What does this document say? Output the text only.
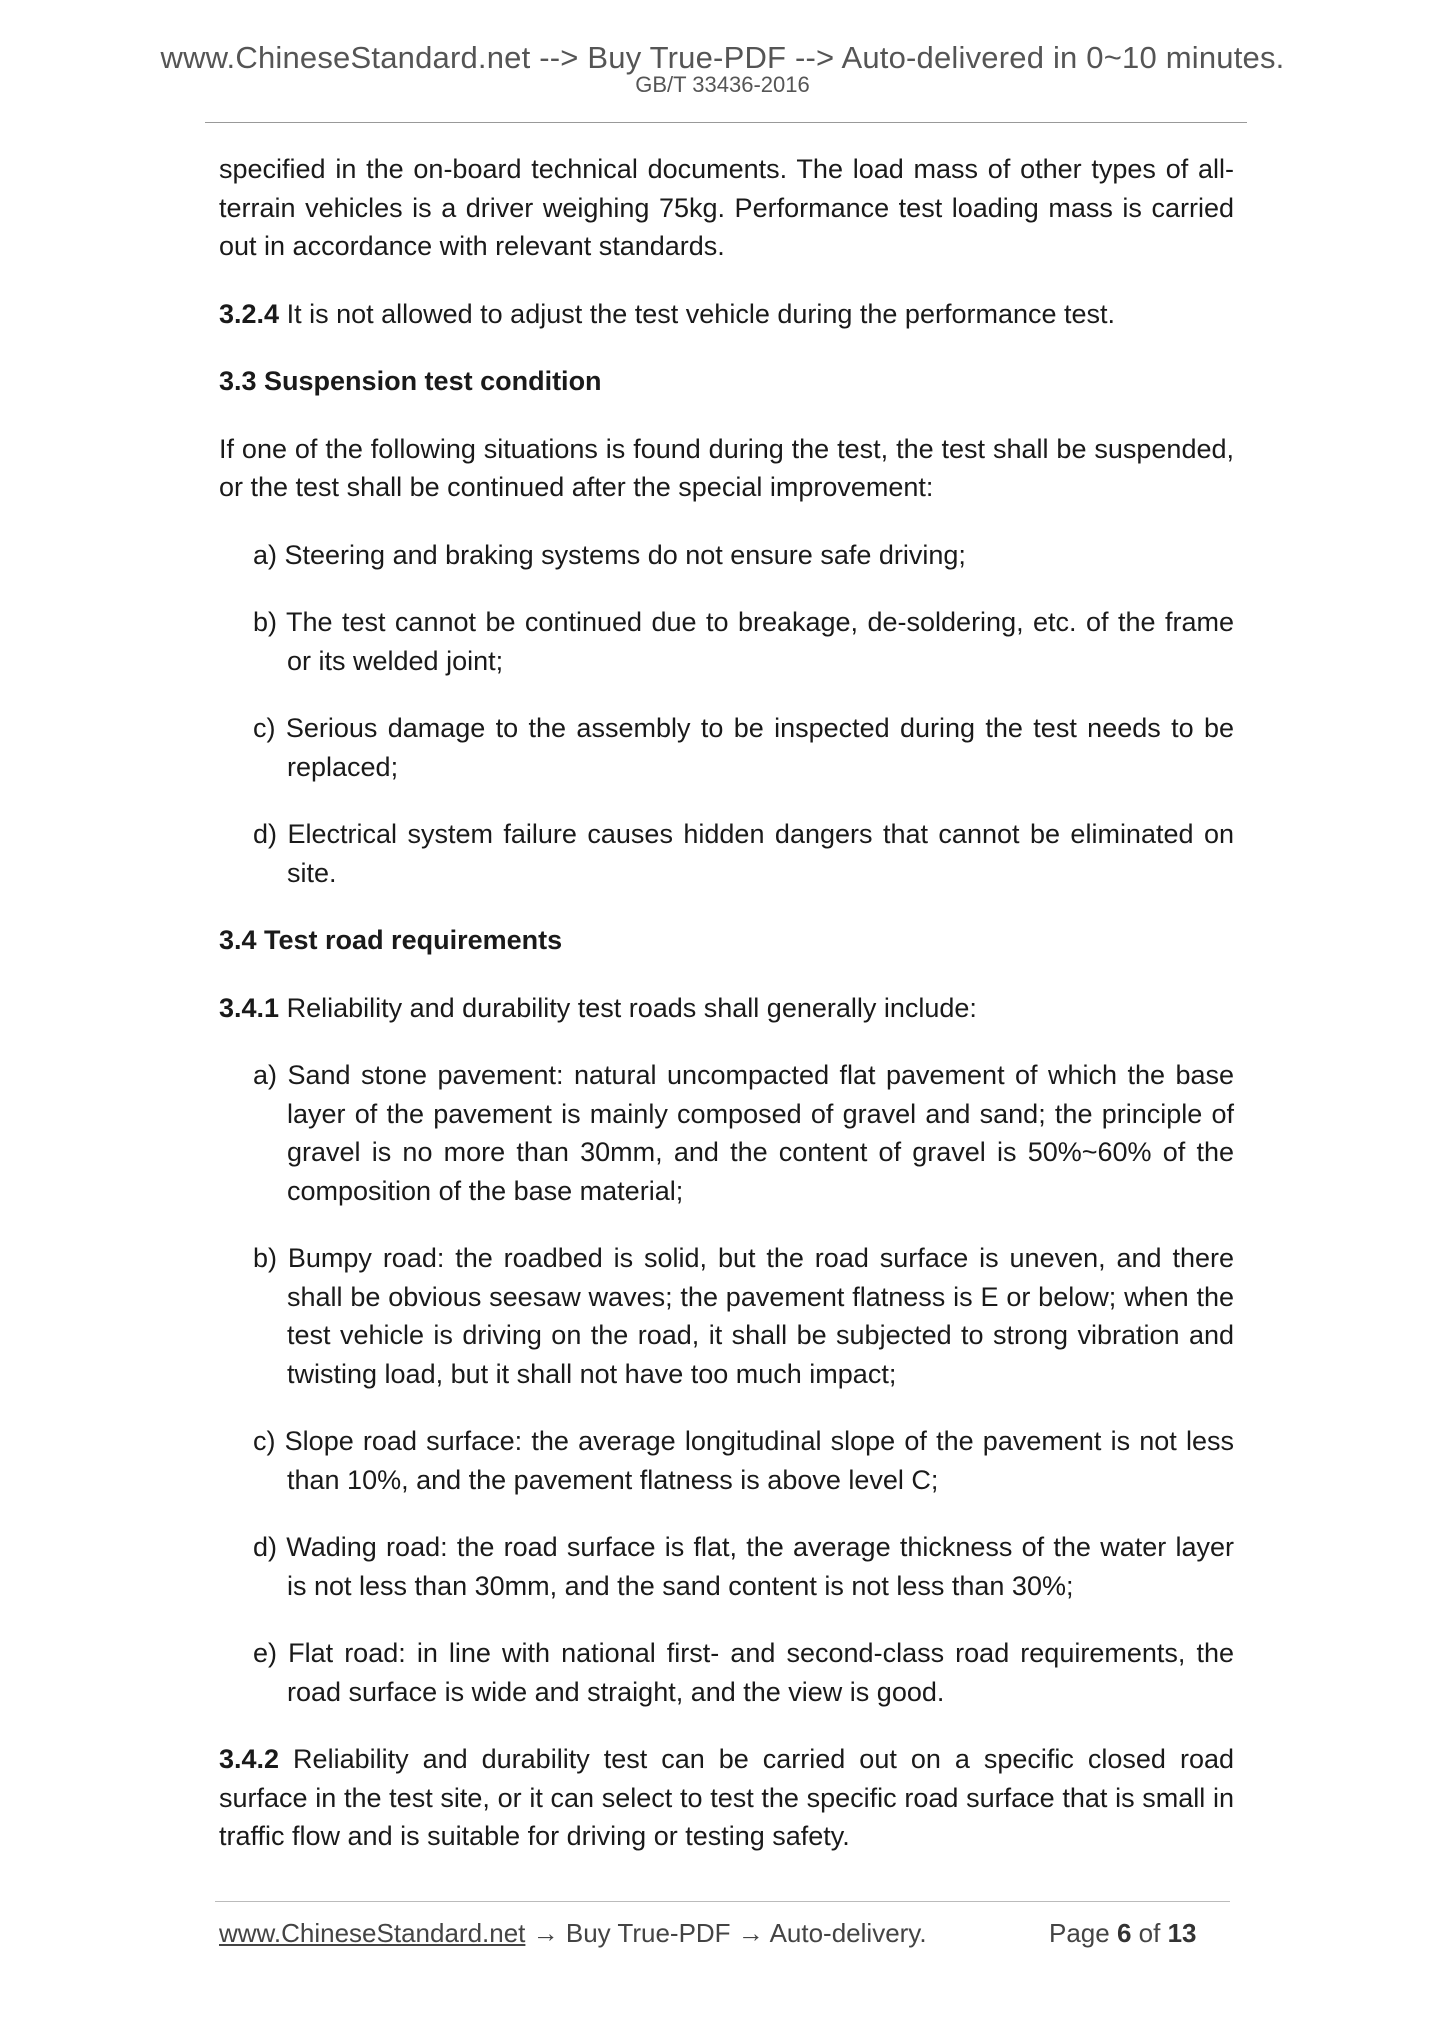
www.ChineseStandard.net --> Buy True-PDF --> Auto-delivered in 0~10 minutes.
GB/T 33436-2016

specified in the on-board technical documents. The load mass of other types of all-terrain vehicles is a driver weighing 75kg. Performance test loading mass is carried out in accordance with relevant standards.

3.2.4 It is not allowed to adjust the test vehicle during the performance test.

3.3 Suspension test condition

If one of the following situations is found during the test, the test shall be suspended, or the test shall be continued after the special improvement:

a) Steering and braking systems do not ensure safe driving;

b) The test cannot be continued due to breakage, de-soldering, etc. of the frame or its welded joint;

c) Serious damage to the assembly to be inspected during the test needs to be replaced;

d) Electrical system failure causes hidden dangers that cannot be eliminated on site.

3.4 Test road requirements

3.4.1 Reliability and durability test roads shall generally include:

a) Sand stone pavement: natural uncompacted flat pavement of which the base layer of the pavement is mainly composed of gravel and sand; the principle of gravel is no more than 30mm, and the content of gravel is 50%~60% of the composition of the base material;

b) Bumpy road: the roadbed is solid, but the road surface is uneven, and there shall be obvious seesaw waves; the pavement flatness is E or below; when the test vehicle is driving on the road, it shall be subjected to strong vibration and twisting load, but it shall not have too much impact;

c) Slope road surface: the average longitudinal slope of the pavement is not less than 10%, and the pavement flatness is above level C;

d) Wading road: the road surface is flat, the average thickness of the water layer is not less than 30mm, and the sand content is not less than 30%;

e) Flat road: in line with national first- and second-class road requirements, the road surface is wide and straight, and the view is good.

3.4.2 Reliability and durability test can be carried out on a specific closed road surface in the test site, or it can select to test the specific road surface that is small in traffic flow and is suitable for driving or testing safety.

www.ChineseStandard.net → Buy True-PDF → Auto-delivery.	Page 6 of 13
